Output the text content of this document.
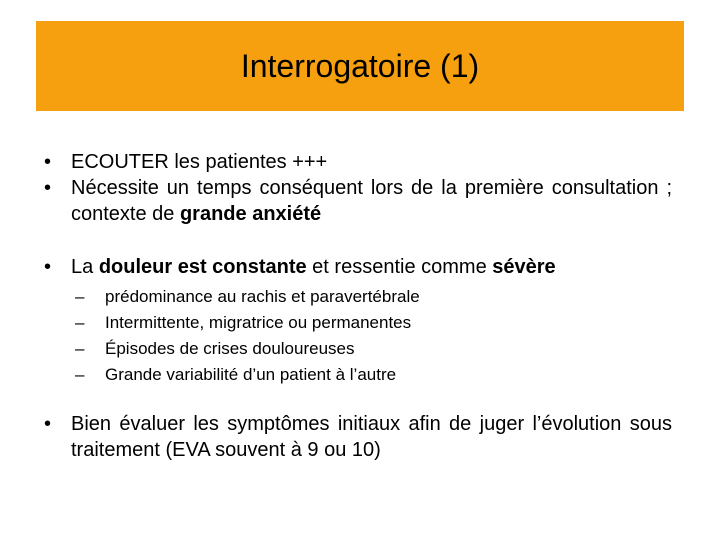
Interrogatoire (1)
• ECOUTER les patientes +++
• Nécessite un temps conséquent lors de la première consultation ; contexte de grande anxiété
• La douleur est constante et ressentie comme sévère
– prédominance au rachis et paravertébrale
– Intermittente, migratrice ou permanentes
– Épisodes de crises douloureuses
– Grande variabilité d’un patient à l’autre
• Bien évaluer les symptômes initiaux afin de juger l’évolution sous traitement (EVA souvent à 9 ou 10)
